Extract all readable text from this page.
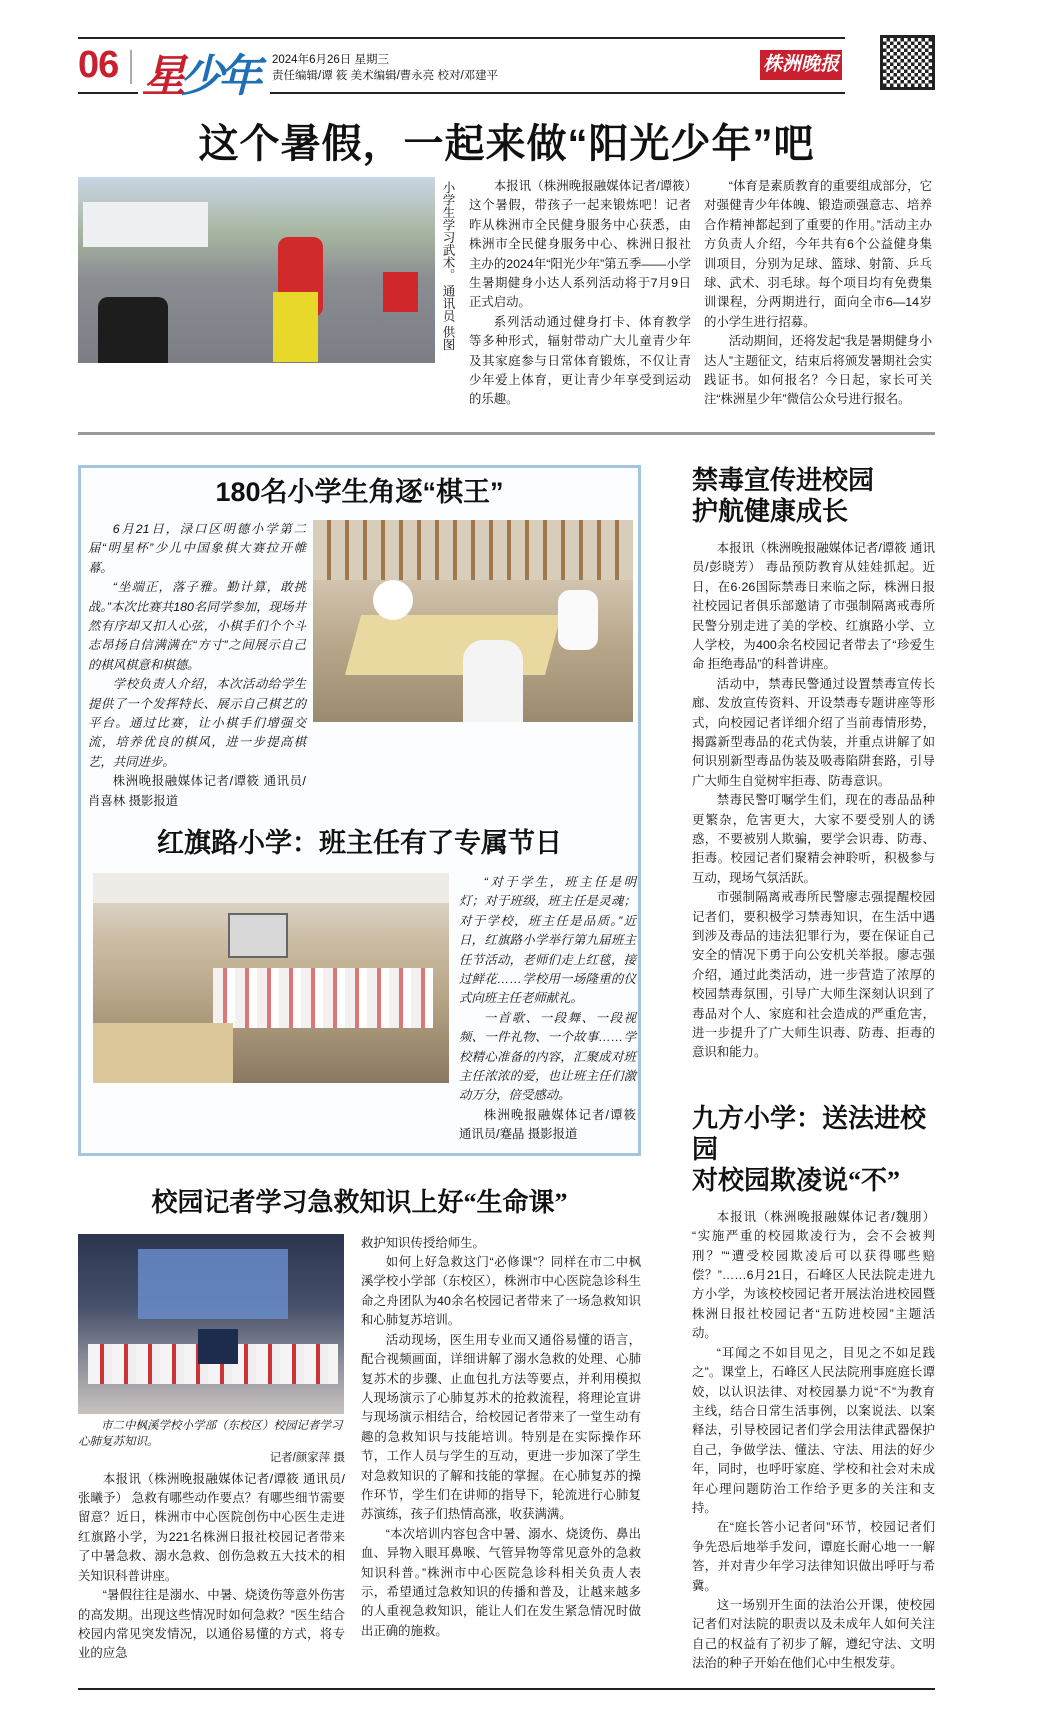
06 星少年 2024年6月26日 星期三
责任编辑/谭 筱 美术编辑/曹永亮 校对/邓建平
株洲晚报
这个暑假，一起来做“阳光少年”吧
小学生学习武术。 通讯员 供图	本报讯（株洲晚报融媒体记者/谭筱）这个暑假，带孩子一起来锻炼吧！记者昨从株洲市全民健身服务中心获悉，由株洲市全民健身服务中心、株洲日报社主办的2024年“阳光少年”第五季——小学生暑期健身小达人系列活动将于7月9日正式启动。

系列活动通过健身打卡、体育教学等多种形式，辐射带动广大儿童青少年及其家庭参与日常体育锻炼，不仅让青少年爱上体育，更让青少年享受到运动的乐趣。

“体育是素质教育的重要组成部分，它对强健青少年体魄、锻造顽强意志、培养合作精神都起到了重要的作用。”活动主办方负责人介绍，今年共有6个公益健身集训项目，分别为足球、篮球、射箭、乒乓球、武术、羽毛球。每个项目均有免费集训课程，分两期进行，面向全市6—14岁的小学生进行招募。

活动期间，还将发起“我是暑期健身小达人”主题征文，结束后将颁发暑期社会实践证书。如何报名？今日起，家长可关注“株洲星少年”微信公众号进行报名。

180名小学生角逐“棋王”

6月21日，渌口区明德小学第二届“明星杯”少儿中国象棋大赛拉开帷幕。

“坐端正，落子雅。勤计算，敢挑战。”本次比赛共180名同学参加，现场井然有序却又扣人心弦，小棋手们个个斗志昂扬自信满满在“方寸”之间展示自己的棋风棋意和棋德。

学校负责人介绍，本次活动给学生提供了一个发挥特长、展示自己棋艺的平台。通过比赛，让小棋手们增强交流，培养优良的棋风，进一步提高棋艺，共同进步。

株洲晚报融媒体记者/谭筱 通讯员/肖喜林 摄影报道

红旗路小学：班主任有了专属节日

“对于学生，班主任是明灯；对于班级，班主任是灵魂；对于学校，班主任是品质。”近日，红旗路小学举行第九届班主任节活动，老师们走上红毯，接过鲜花……学校用一场隆重的仪式向班主任老师献礼。

一首歌、一段舞、一段视频、一件礼物、一个故事……学校精心准备的内容，汇聚成对班主任浓浓的爱，也让班主任们激动万分，倍受感动。

株洲晚报融媒体记者/谭筱 通讯员/蹇晶 摄影报道

校园记者学习急救知识上好“生命课”
市二中枫溪学校小学部（东校区）校园记者学习心肺复苏知识。
记者/颜家萍 摄

本报讯（株洲晚报融媒体记者/谭筱 通讯员/张曦予） 急救有哪些动作要点？有哪些细节需要留意？近日，株洲市中心医院创伤中心医生走进红旗路小学，为221名株洲日报社校园记者带来了中暑急救、溺水急救、创伤急救五大技术的相关知识科普讲座。

“暑假往往是溺水、中暑、烧烫伤等意外伤害的高发期。出现这些情况时如何急救？”医生结合校园内常见突发情况，以通俗易懂的方式，将专业的应急

救护知识传授给师生。

如何上好急救这门“必修课”？同样在市二中枫溪学校小学部（东校区），株洲市中心医院急诊科生命之舟团队为40余名校园记者带来了一场急救知识和心肺复苏培训。

活动现场，医生用专业而又通俗易懂的语言，配合视频画面，详细讲解了溺水急救的处理、心肺复苏术的步骤、止血包扎方法等要点，并利用模拟人现场演示了心肺复苏术的抢救流程，将理论宣讲与现场演示相结合，给校园记者带来了一堂生动有趣的急救知识与技能培训。特别是在实际操作环节，工作人员与学生的互动，更进一步加深了学生对急救知识的了解和技能的掌握。在心肺复苏的操作环节，学生们在讲师的指导下，轮流进行心肺复苏演练，孩子们热情高涨，收获满满。

“本次培训内容包含中暑、溺水、烧烫伤、鼻出血、异物入眼耳鼻喉、气管异物等常见意外的急救知识科普。”株洲市中心医院急诊科相关负责人表示，希望通过急救知识的传播和普及，让越来越多的人重视急救知识，能让人们在发生紧急情况时做出正确的施救。

禁毒宣传进校园
护航健康成长

本报讯（株洲晚报融媒体记者/谭筱 通讯员/彭晓芳） 毒品预防教育从娃娃抓起。近日，在6·26国际禁毒日来临之际，株洲日报社校园记者俱乐部邀请了市强制隔离戒毒所民警分别走进了美的学校、红旗路小学、立人学校，为400余名校园记者带去了“珍爱生命 拒绝毒品”的科普讲座。

活动中，禁毒民警通过设置禁毒宣传长廊、发放宣传资料、开设禁毒专题讲座等形式，向校园记者详细介绍了当前毒情形势，揭露新型毒品的花式伪装，并重点讲解了如何识别新型毒品伪装及吸毒陷阱套路，引导广大师生自觉树牢拒毒、防毒意识。

禁毒民警叮嘱学生们，现在的毒品品种更繁杂，危害更大，大家不要受别人的诱惑，不要被别人欺骗，要学会识毒、防毒、拒毒。校园记者们聚精会神聆听，积极参与互动，现场气氛活跃。

市强制隔离戒毒所民警廖志强提醒校园记者们，要积极学习禁毒知识，在生活中遇到涉及毒品的违法犯罪行为，要在保证自己安全的情况下勇于向公安机关举报。廖志强介绍，通过此类活动，进一步营造了浓厚的校园禁毒氛围，引导广大师生深刻认识到了毒品对个人、家庭和社会造成的严重危害，进一步提升了广大师生识毒、防毒、拒毒的意识和能力。

九方小学：送法进校园
对校园欺凌说“不”

本报讯（株洲晚报融媒体记者/魏朋） “实施严重的校园欺凌行为，会不会被判刑？”“遭受校园欺凌后可以获得哪些赔偿？”……6月21日，石峰区人民法院走进九方小学，为该校校园记者开展法治进校园暨株洲日报社校园记者“五防进校园”主题活动。

“耳闻之不如目见之，目见之不如足践之”。课堂上，石峰区人民法院刑事庭庭长谭姣，以认识法律、对校园暴力说“不”为教育主线，结合日常生活事例，以案说法、以案释法，引导校园记者们学会用法律武器保护自己，争做学法、懂法、守法、用法的好少年，同时，也呼吁家庭、学校和社会对未成年心理问题防治工作给予更多的关注和支持。

在“庭长答小记者问”环节，校园记者们争先恐后地举手发问，谭庭长耐心地一一解答，并对青少年学习法律知识做出呼吁与希冀。

这一场别开生面的法治公开课，使校园记者们对法院的职责以及未成年人如何关注自己的权益有了初步了解，遵纪守法、文明法治的种子开始在他们心中生根发芽。
